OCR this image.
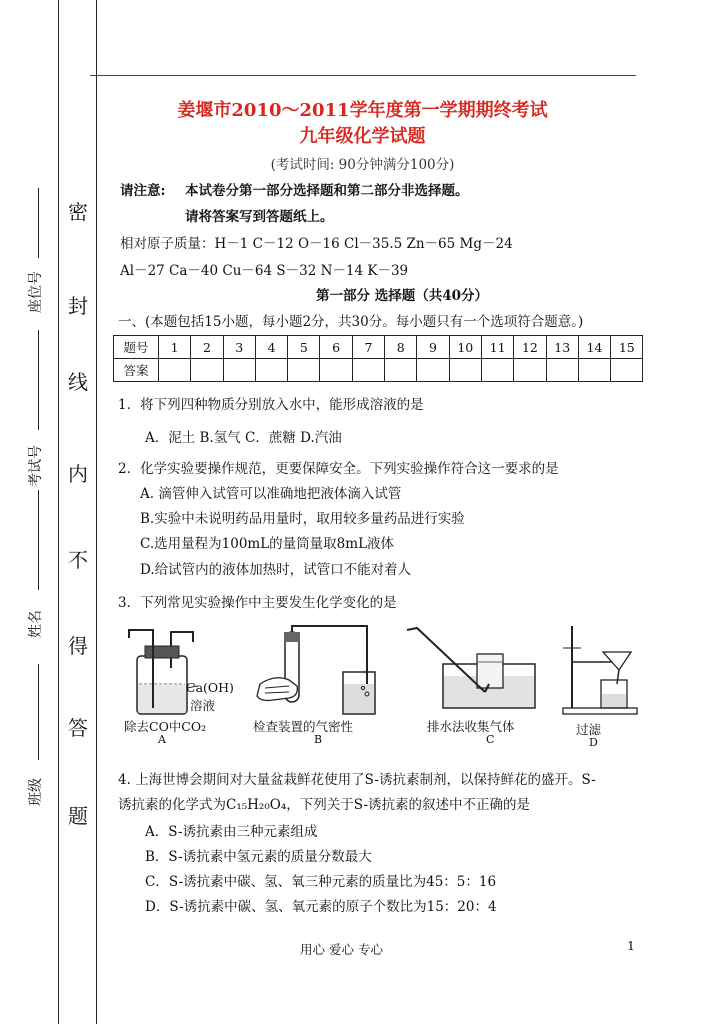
密
封
线
内
不
得
答
题
座位号
考试号
姓名
班级
姜堰市2010～2011学年度第一学期期终考试
九年级化学试题
(考试时间: 90分钟满分100分)
请注意: 本试卷分第一部分选择题和第二部分非选择题。
请将答案写到答题纸上。
相对原子质量：H－1 C－12 O－16 Cl－35.5 Zn－65 Mg－24
Al－27 Ca－40 Cu－64 S－32 N－14 K－39
第一部分 选择题（共40分）
一、(本题包括15小题，每小题2分，共30分。每小题只有一个选项符合题意。)
题号	1	2	3	4	5	6	7	8	9	10	11	12	13	14	15
答案															
1．将下列四种物质分别放入水中，能形成溶液的是
A．泥土 B.氢气 C．蔗糖 D.汽油
2．化学实验要操作规范，更要保障安全。下列实验操作符合这一要求的是
A. 滴管伸入试管可以准确地把液体滴入试管
B.实验中未说明药品用量时，取用较多量药品进行实验
C.选用量程为100mL的量筒量取8mL液体
D.给试管内的液体加热时，试管口不能对着人
3．下列常见实验操作中主要发生化学变化的是
Ca(OH)
溶液
除去CO中CO₂
A
检查装置的气密性
B
排水法收集气体
C
过滤
D
4. 上海世博会期间对大量盆栽鲜花使用了S-诱抗素制剂，以保持鲜花的盛开。S-
诱抗素的化学式为C₁₅H₂₀O₄，下列关于S-诱抗素的叙述中不正确的是
A．S-诱抗素由三种元素组成
B．S-诱抗素中氢元素的质量分数最大
C．S-诱抗素中碳、氢、氧三种元素的质量比为45：5：16
D．S-诱抗素中碳、氢、氧元素的原子个数比为15：20：4
用心 爱心 专心	1
